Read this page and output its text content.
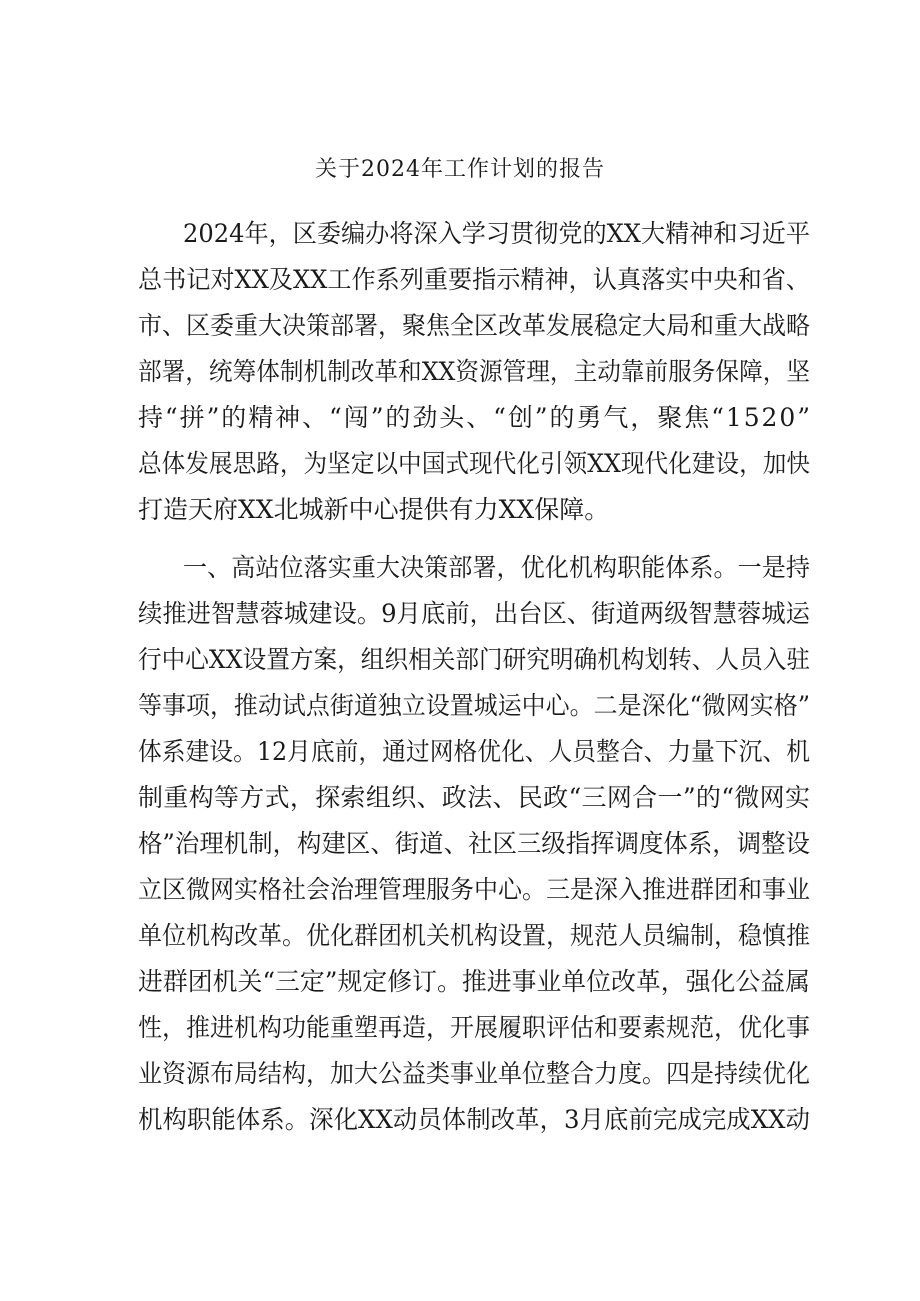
关于2024年工作计划的报告
2024年，区委编办将深入学习贯彻党的XX大精神和习近平
总书记对XX及XX工作系列重要指示精神，认真落实中央和省、
市、区委重大决策部署，聚焦全区改革发展稳定大局和重大战略
部署，统筹体制机制改革和XX资源管理，主动靠前服务保障，坚
持“拼”的精神、“闯”的劲头、“创”的勇气，聚焦“1520”
总体发展思路，为坚定以中国式现代化引领XX现代化建设，加快
打造天府XX北城新中心提供有力XX保障。
一、高站位落实重大决策部署，优化机构职能体系。一是持
续推进智慧蓉城建设。9月底前，出台区、街道两级智慧蓉城运
行中心XX设置方案，组织相关部门研究明确机构划转、人员入驻
等事项，推动试点街道独立设置城运中心。二是深化“微网实格”
体系建设。12月底前，通过网格优化、人员整合、力量下沉、机
制重构等方式，探索组织、政法、民政“三网合一”的“微网实
格”治理机制，构建区、街道、社区三级指挥调度体系，调整设
立区微网实格社会治理管理服务中心。三是深入推进群团和事业
单位机构改革。优化群团机关机构设置，规范人员编制，稳慎推
进群团机关“三定”规定修订。推进事业单位改革，强化公益属
性，推进机构功能重塑再造，开展履职评估和要素规范，优化事
业资源布局结构，加大公益类事业单位整合力度。四是持续优化
机构职能体系。深化XX动员体制改革，3月底前完成完成XX动
